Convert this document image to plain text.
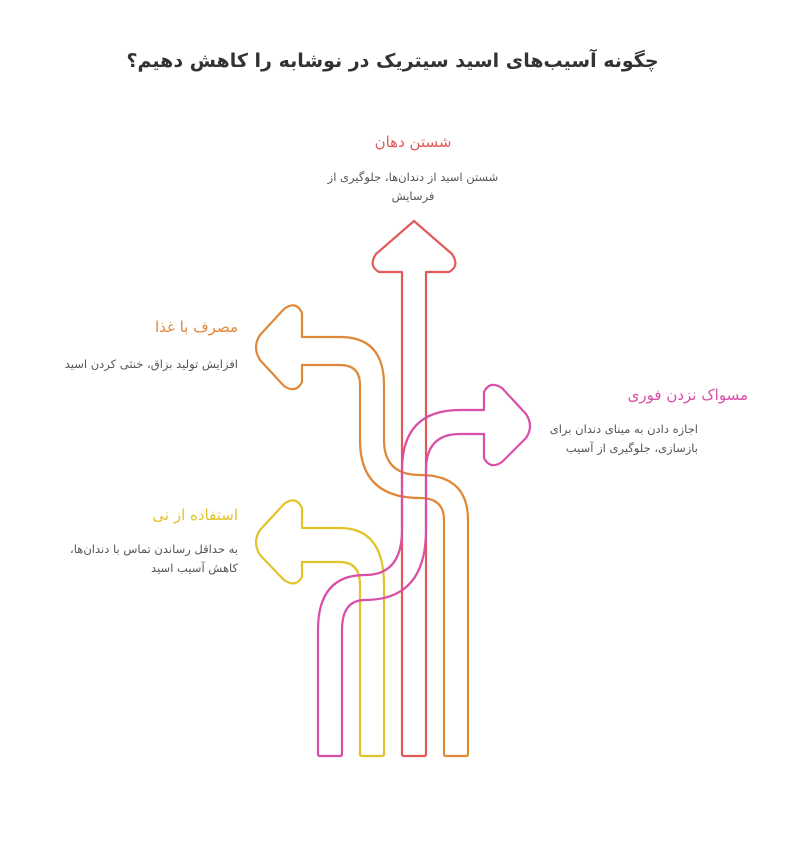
چگونه آسیب‌های اسید سیتریک در نوشابه را کاهش دهیم؟
شستن دهان
شستن اسید از دندان‌ها، جلوگیری از فرسایش
مصرف با غذا
افزایش تولید بزاق، خنثی کردن اسید
مسواک نزدن فوری
اجازه دادن به مینای دندان برای بازسازی، جلوگیری از آسیب
استفاده از نی
به حداقل رساندن تماس با دندان‌ها، کاهش آسیب اسید
